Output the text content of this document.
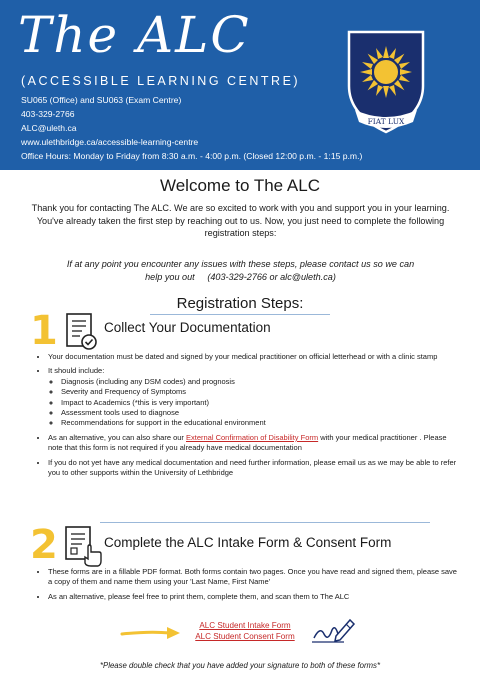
The ALC
(ACCESSIBLE LEARNING CENTRE)
SU065 (Office) and SU063 (Exam Centre)
403-329-2766
ALC@uleth.ca
www.ulethbridge.ca/accessible-learning-centre
Office Hours: Monday to Friday from 8:30 a.m. - 4:00 p.m. (Closed 12:00 p.m. - 1:15 p.m.)
FIAT LUX
Welcome to The ALC
Thank you for contacting The ALC. We are so excited to work with you and support you in your learning. You've already taken the first step by reaching out to us. Now, you just need to complete the following registration steps:
If at any point you encounter any issues with these steps, please contact us so we can
help you out (403-329-2766 or alc@uleth.ca)
Registration Steps:
1	Collect Your Documentation
• Your documentation must be dated and signed by your medical practitioner on official letterhead or with a clinic stamp
• It should include:
◦ Diagnosis (including any DSM codes) and prognosis
◦ Severity and Frequency of Symptoms
◦ Impact to Academics (*this is very important)
◦ Assessment tools used to diagnose
◦ Recommendations for support in the educational environment
• As an alternative, you can also share our External Confirmation of Disability Form with your medical practitioner . Please note that this form is not required if you already have medical documentation
• If you do not yet have any medical documentation and need further information, please email us as we may be able to refer you to other supports within the University of Lethbridge
2	Complete the ALC Intake Form & Consent Form
• These forms are in a fillable PDF format. Both forms contain two pages. Once you have read and signed them, please save a copy of them and name them using your 'Last Name, First Name'
• As an alternative, please feel free to print them, complete them, and scan them to The ALC
ALC Student Intake Form
ALC Student Consent Form
*Please double check that you have added your signature to both of these forms*
